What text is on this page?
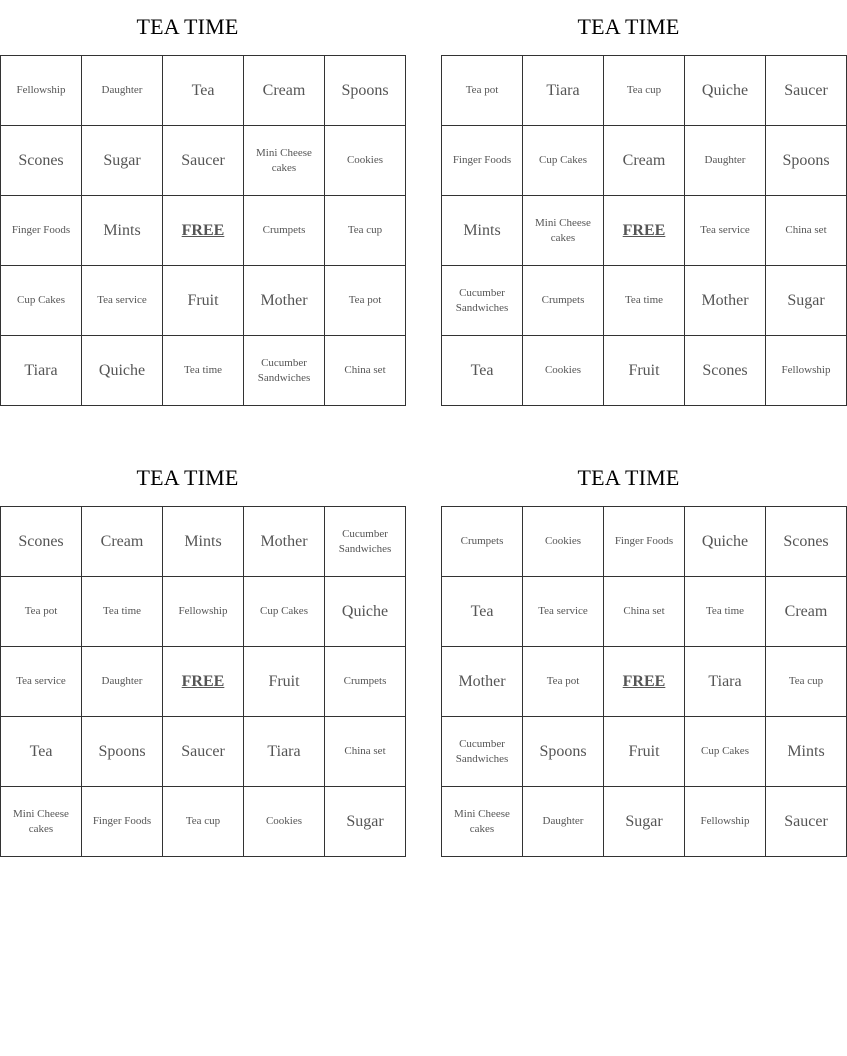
TEA TIME
Fellowship	Daughter	Tea	Cream	Spoons
Scones	Sugar	Saucer	Mini Cheese cakes	Cookies
Finger Foods	Mints	FREE	Crumpets	Tea cup
Cup Cakes	Tea service	Fruit	Mother	Tea pot
Tiara	Quiche	Tea time	Cucumber Sandwiches	China set
TEA TIME
Tea pot	Tiara	Tea cup	Quiche	Saucer
Finger Foods	Cup Cakes	Cream	Daughter	Spoons
Mints	Mini Cheese cakes	FREE	Tea service	China set
Cucumber Sandwiches	Crumpets	Tea time	Mother	Sugar
Tea	Cookies	Fruit	Scones	Fellowship
TEA TIME
Scones	Cream	Mints	Mother	Cucumber Sandwiches
Tea pot	Tea time	Fellowship	Cup Cakes	Quiche
Tea service	Daughter	FREE	Fruit	Crumpets
Tea	Spoons	Saucer	Tiara	China set
Mini Cheese cakes	Finger Foods	Tea cup	Cookies	Sugar
TEA TIME
Crumpets	Cookies	Finger Foods	Quiche	Scones
Tea	Tea service	China set	Tea time	Cream
Mother	Tea pot	FREE	Tiara	Tea cup
Cucumber Sandwiches	Spoons	Fruit	Cup Cakes	Mints
Mini Cheese cakes	Daughter	Sugar	Fellowship	Saucer
